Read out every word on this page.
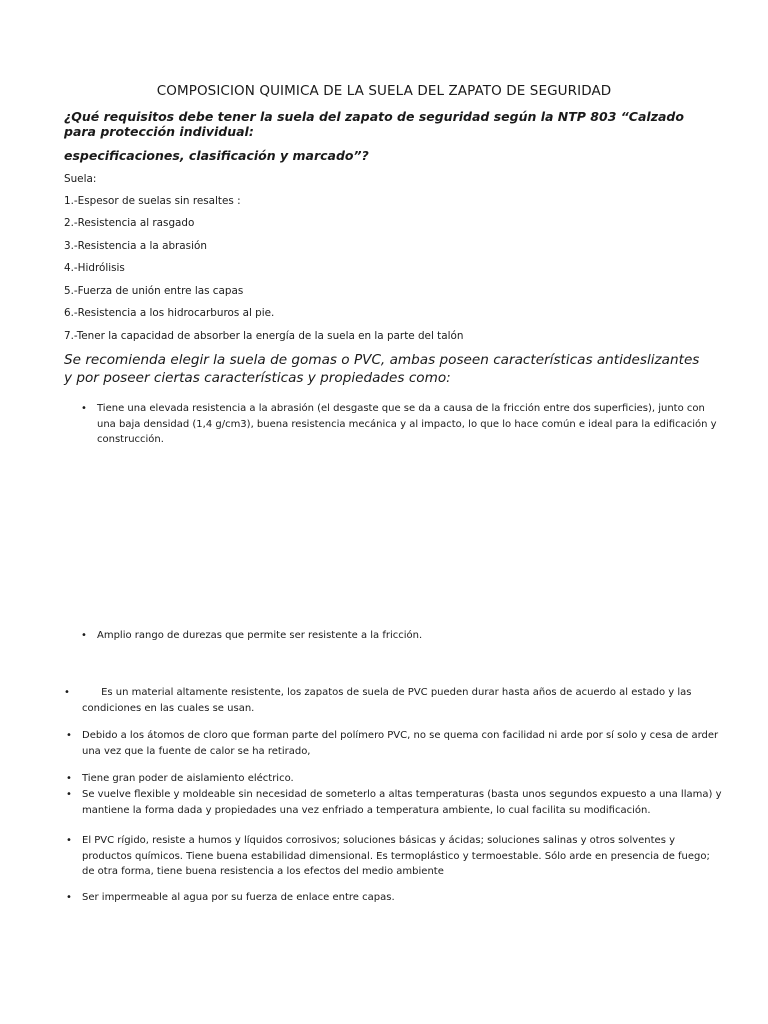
COMPOSICION QUIMICA DE LA SUELA DEL ZAPATO DE SEGURIDAD
¿Qué requisitos debe tener la suela del zapato de seguridad según la NTP 803 “Calzado para protección individual:
especificaciones, clasificación y marcado”?
Suela:
1.-Espesor de suelas sin resaltes :
2.-Resistencia al rasgado
3.-Resistencia a la abrasión
4.-Hidrólisis
5.-Fuerza de unión entre las capas
6.-Resistencia a los hidrocarburos al pie.
7.-Tener la capacidad de absorber la energía de la suela en la parte del talón
Se recomienda elegir la suela de gomas o PVC, ambas poseen características antideslizantes y por poseer ciertas características y propiedades como:
• Tiene una elevada resistencia a la abrasión (el desgaste que se da a causa de la fricción entre dos superficies), junto con una baja densidad (1,4 g/cm3), buena resistencia mecánica y al impacto, lo que lo hace común e ideal para la edificación y construcción.
• Amplio rango de durezas que permite ser resistente a la fricción.
• Es un material altamente resistente, los zapatos de suela de PVC pueden durar hasta años de acuerdo al estado y las condiciones en las cuales se usan.
• Debido a los átomos de cloro que forman parte del polímero PVC, no se quema con facilidad ni arde por sí solo y cesa de arder una vez que la fuente de calor se ha retirado,
• Tiene gran poder de aislamiento eléctrico.
• Se vuelve flexible y moldeable sin necesidad de someterlo a altas temperaturas (basta unos segundos expuesto a una llama) y mantiene la forma dada y propiedades una vez enfriado a temperatura ambiente, lo cual facilita su modificación.
• El PVC rígido, resiste a humos y líquidos corrosivos; soluciones básicas y ácidas; soluciones salinas y otros solventes y productos químicos. Tiene buena estabilidad dimensional. Es termoplástico y termoestable. Sólo arde en presencia de fuego; de otra forma, tiene buena resistencia a los efectos del medio ambiente
• Ser impermeable al agua por su fuerza de enlace entre capas.
